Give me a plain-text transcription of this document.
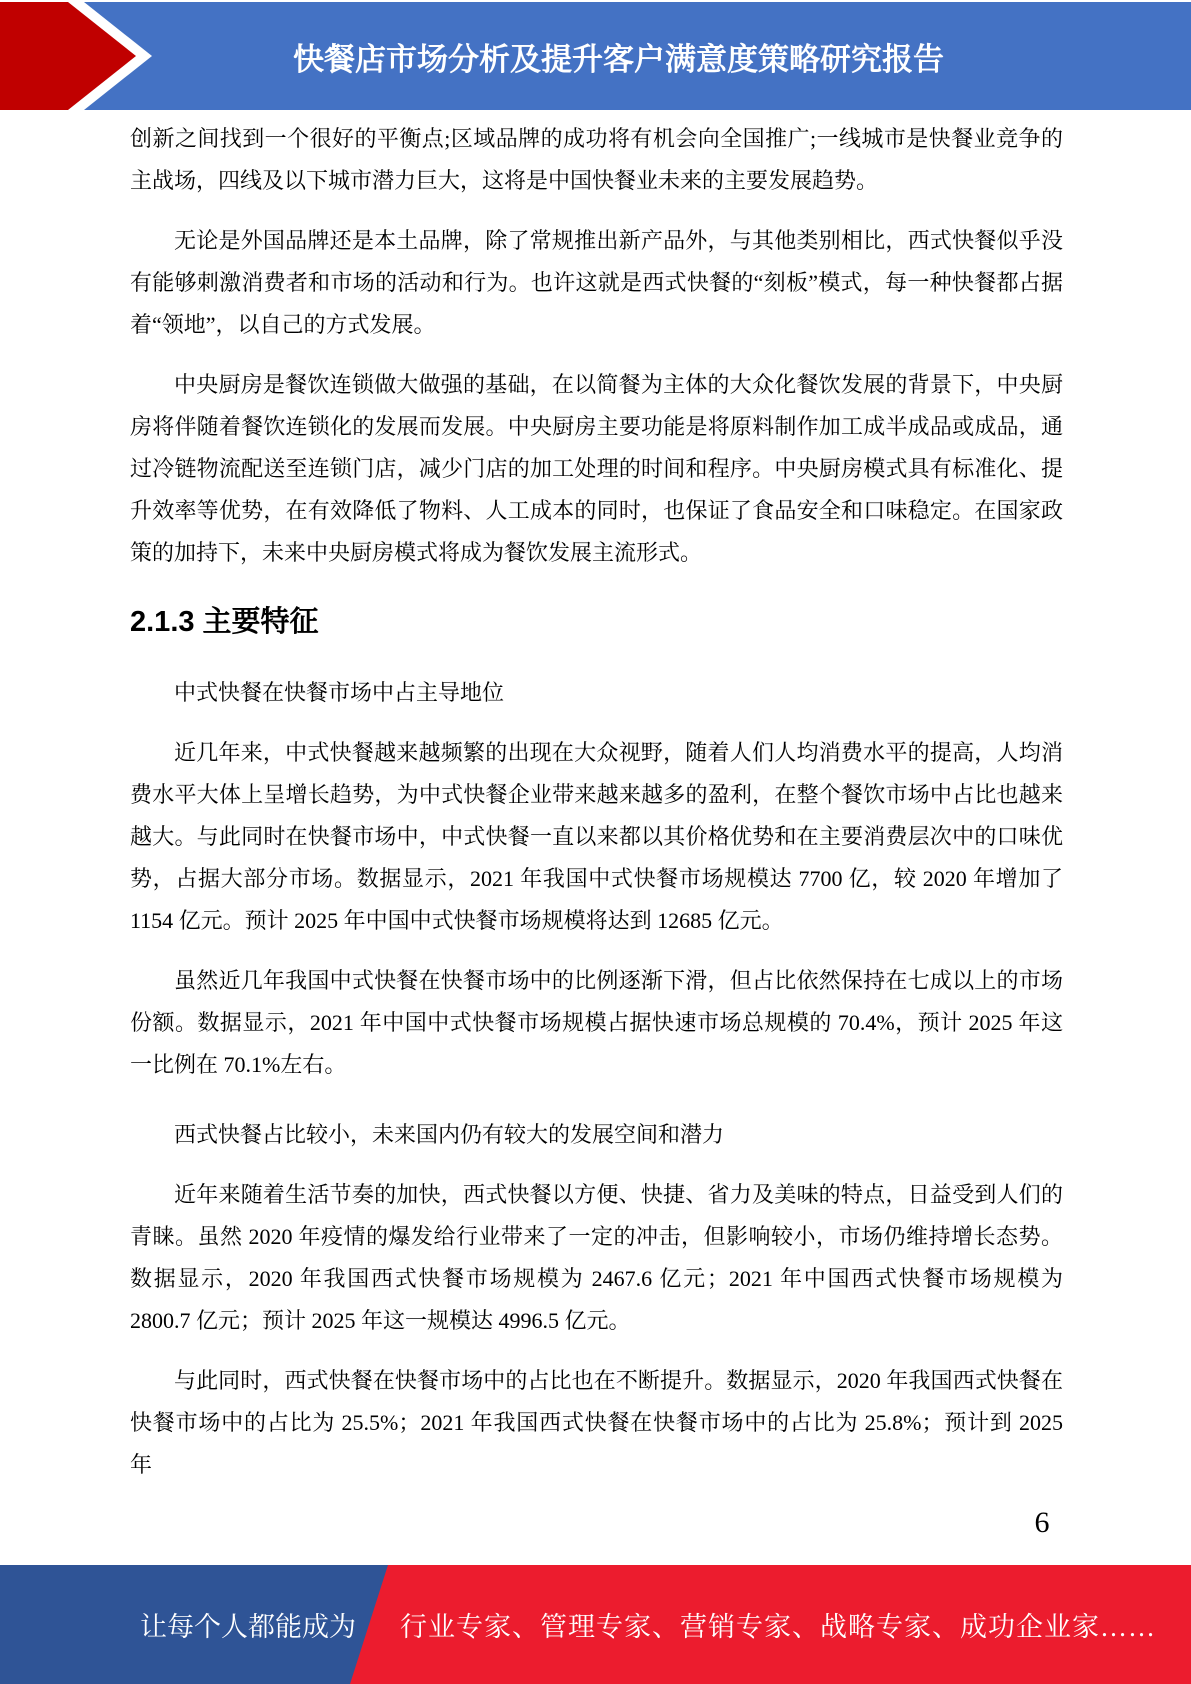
快餐店市场分析及提升客户满意度策略研究报告

创新之间找到一个很好的平衡点;区域品牌的成功将有机会向全国推广;一线城市是快餐业竞争的主战场，四线及以下城市潜力巨大，这将是中国快餐业未来的主要发展趋势。

无论是外国品牌还是本土品牌，除了常规推出新产品外，与其他类别相比，西式快餐似乎没有能够刺激消费者和市场的活动和行为。也许这就是西式快餐的“刻板”模式，每一种快餐都占据着“领地”，以自己的方式发展。

中央厨房是餐饮连锁做大做强的基础，在以简餐为主体的大众化餐饮发展的背景下，中央厨房将伴随着餐饮连锁化的发展而发展。中央厨房主要功能是将原料制作加工成半成品或成品，通过冷链物流配送至连锁门店，减少门店的加工处理的时间和程序。中央厨房模式具有标准化、提升效率等优势，在有效降低了物料、人工成本的同时，也保证了食品安全和口味稳定。在国家政策的加持下，未来中央厨房模式将成为餐饮发展主流形式。

2.1.3 主要特征

中式快餐在快餐市场中占主导地位

近几年来，中式快餐越来越频繁的出现在大众视野，随着人们人均消费水平的提高，人均消费水平大体上呈增长趋势，为中式快餐企业带来越来越多的盈利，在整个餐饮市场中占比也越来越大。与此同时在快餐市场中，中式快餐一直以来都以其价格优势和在主要消费层次中的口味优势，占据大部分市场。数据显示，2021 年我国中式快餐市场规模达 7700 亿，较 2020 年增加了 1154 亿元。预计 2025 年中国中式快餐市场规模将达到 12685 亿元。

虽然近几年我国中式快餐在快餐市场中的比例逐渐下滑，但占比依然保持在七成以上的市场份额。数据显示，2021 年中国中式快餐市场规模占据快速市场总规模的 70.4%，预计 2025 年这一比例在 70.1%左右。

西式快餐占比较小，未来国内仍有较大的发展空间和潜力

近年来随着生活节奏的加快，西式快餐以方便、快捷、省力及美味的特点，日益受到人们的青睐。虽然 2020 年疫情的爆发给行业带来了一定的冲击，但影响较小，市场仍维持增长态势。数据显示，2020 年我国西式快餐市场规模为 2467.6 亿元；2021 年中国西式快餐市场规模为 2800.7 亿元；预计 2025 年这一规模达 4996.5 亿元。

与此同时，西式快餐在快餐市场中的占比也在不断提升。数据显示，2020 年我国西式快餐在快餐市场中的占比为 25.5%；2021 年我国西式快餐在快餐市场中的占比为 25.8%；预计到 2025 年

6
让每个人都能成为 行业专家、管理专家、营销专家、战略专家、成功企业家……
